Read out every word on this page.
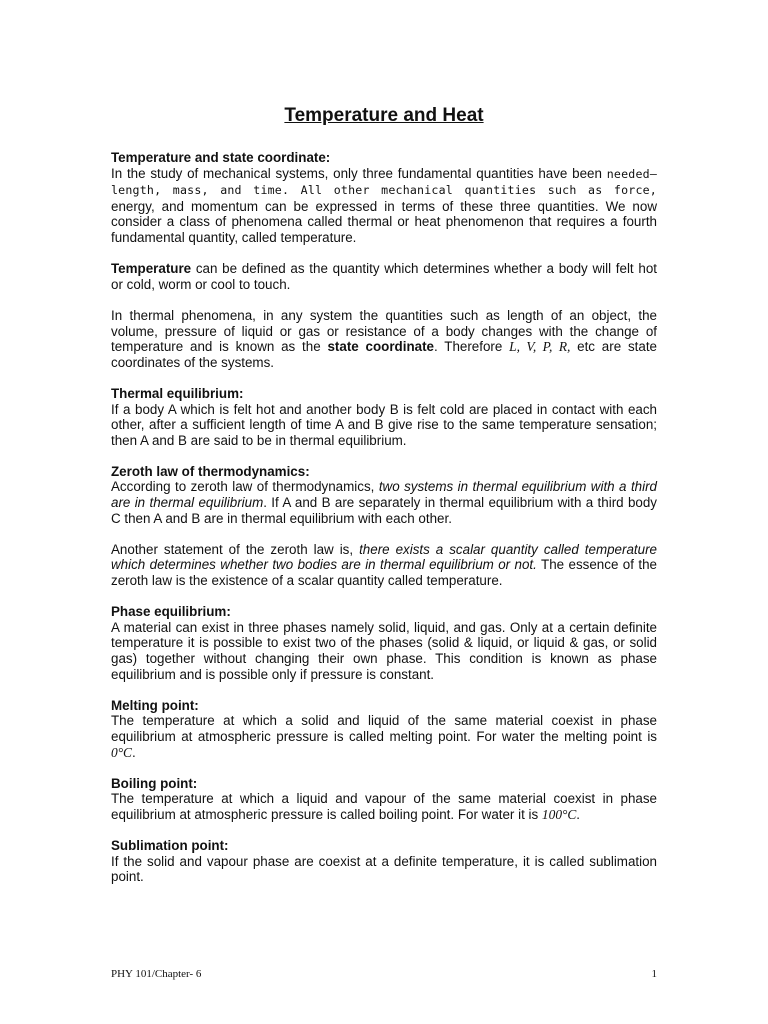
Temperature and Heat
Temperature and state coordinate:

In the study of mechanical systems, only three fundamental quantities have been needed– length, mass, and time. All other mechanical quantities such as force, energy, and momentum can be expressed in terms of these three quantities. We now consider a class of phenomena called thermal or heat phenomenon that requires a fourth fundamental quantity, called temperature.

Temperature can be defined as the quantity which determines whether a body will felt hot or cold, worm or cool to touch.

In thermal phenomena, in any system the quantities such as length of an object, the volume, pressure of liquid or gas or resistance of a body changes with the change of temperature and is known as the state coordinate. Therefore L, V, P, R, etc are state coordinates of the systems.

Thermal equilibrium:

If a body A which is felt hot and another body B is felt cold are placed in contact with each other, after a sufficient length of time A and B give rise to the same temperature sensation; then A and B are said to be in thermal equilibrium.

Zeroth law of thermodynamics:

According to zeroth law of thermodynamics, two systems in thermal equilibrium with a third are in thermal equilibrium. If A and B are separately in thermal equilibrium with a third body C then A and B are in thermal equilibrium with each other.

Another statement of the zeroth law is, there exists a scalar quantity called temperature which determines whether two bodies are in thermal equilibrium or not. The essence of the zeroth law is the existence of a scalar quantity called temperature.

Phase equilibrium:

A material can exist in three phases namely solid, liquid, and gas. Only at a certain definite temperature it is possible to exist two of the phases (solid & liquid, or liquid & gas, or solid gas) together without changing their own phase. This condition is known as phase equilibrium and is possible only if pressure is constant.

Melting point:

The temperature at which a solid and liquid of the same material coexist in phase equilibrium at atmospheric pressure is called melting point. For water the melting point is 0°C.

Boiling point:

The temperature at which a liquid and vapour of the same material coexist in phase equilibrium at atmospheric pressure is called boiling point. For water it is 100°C.

Sublimation point:

If the solid and vapour phase are coexist at a definite temperature, it is called sublimation point.

PHY 101/Chapter- 6	1
